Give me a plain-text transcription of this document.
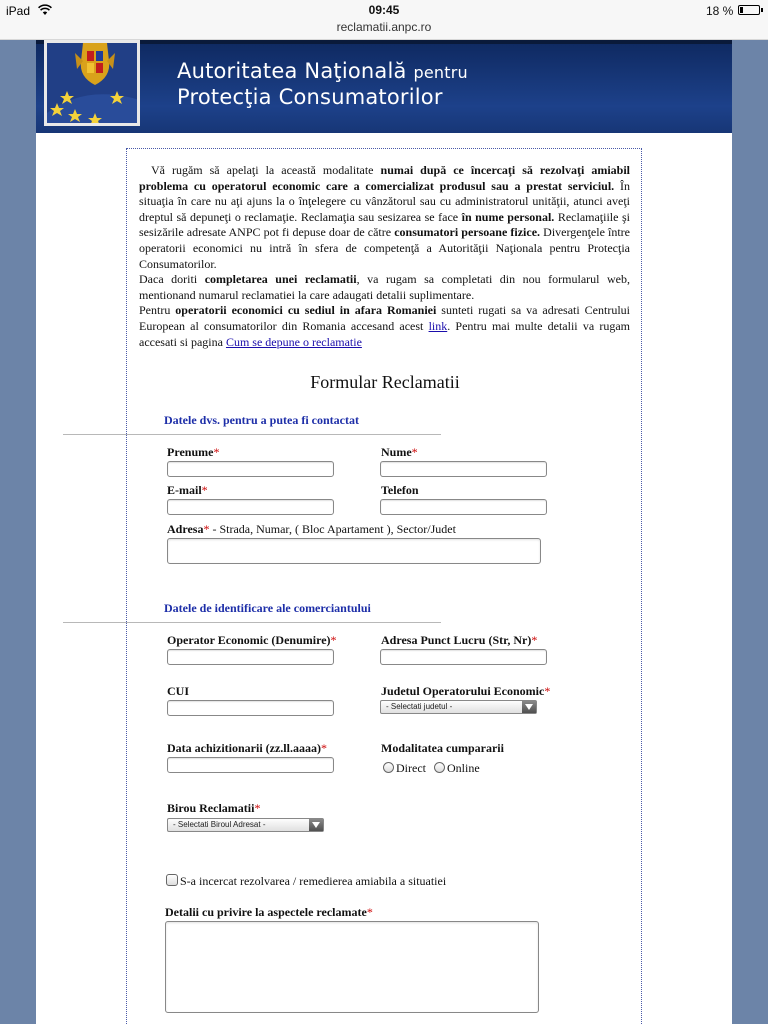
iPad	09:45
reclamatii.anpc.ro
18 %
Autoritatea Naţională pentru
Protecţia Consumatorilor

Vă rugăm să apelaţi la această modalitate numai după ce încercaţi să rezolvaţi amiabil problema cu operatorul economic care a comercializat produsul sau a prestat serviciul. În situaţia în care nu aţi ajuns la o înţelegere cu vânzătorul sau cu administratorul unităţii, atunci aveţi dreptul să depuneţi o reclamaţie. Reclamaţia sau sesizarea se face în nume personal. Reclamaţiile şi sesizările adresate ANPC pot fi depuse doar de către consumatori persoane fizice. Divergenţele între operatorii economici nu intră în sfera de competenţă a Autorităţii Naţionala pentru Protecţia Consumatorilor.

Daca doriti completarea unei reclamatii, va rugam sa completati din nou formularul web, mentionand numarul reclamatiei la care adaugati detalii suplimentare.

Pentru operatorii economici cu sediul in afara Romaniei sunteti rugati sa va adresati Centrului European al consumatorilor din Romania accesand acest link. Pentru mai multe detalii va rugam accesati si pagina Cum se depune o reclamatie

Formular Reclamatii
Datele dvs. pentru a putea fi contactat
Prenume*	Nume*
E-mail*	Telefon
Adresa* - Strada, Numar, ( Bloc Apartament ), Sector/Judet
Datele de identificare ale comerciantului
Operator Economic (Denumire)*	Adresa Punct Lucru (Str, Nr)*
CUI	Judetul Operatorului Economic*
- Selectati judetul -
Data achizitionarii (zz.ll.aaaa)*	Modalitatea cumpararii
Direct Online
Birou Reclamatii*
- Selectati Biroul Adresat -
S-a incercat rezolvarea / remedierea amiabila a situatiei
Detalii cu privire la aspectele reclamate*
